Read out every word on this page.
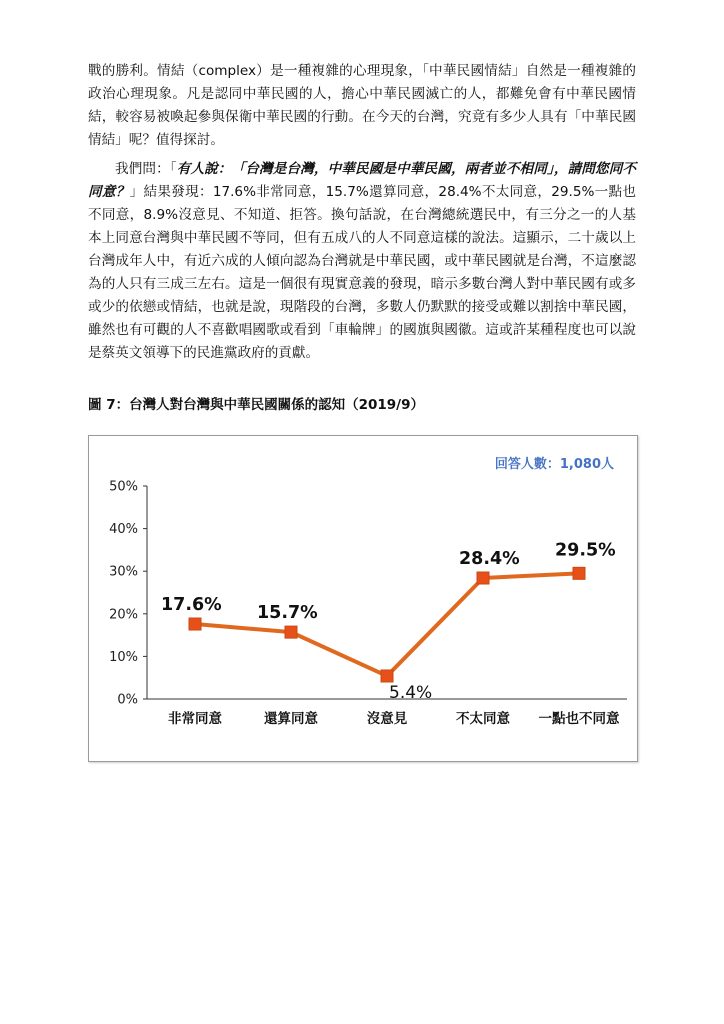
戰的勝利。情結（complex）是一種複雜的心理現象，「中華民國情結」自然是一種複雜的政治心理現象。凡是認同中華民國的人，擔心中華民國滅亡的人，都難免會有中華民國情結，較容易被喚起參與保衛中華民國的行動。在今天的台灣，究竟有多少人具有「中華民國情結」呢？值得探討。

我們問：「有人說：「台灣是台灣，中華民國是中華民國，兩者並不相同」，請問您同不同意？」結果發現：17.6%非常同意，15.7%還算同意，28.4%不太同意，29.5%一點也不同意，8.9%沒意見、不知道、拒答。換句話說，在台灣總統選民中，有三分之一的人基本上同意台灣與中華民國不等同，但有五成八的人不同意這樣的說法。這顯示，二十歲以上台灣成年人中，有近六成的人傾向認為台灣就是中華民國，或中華民國就是台灣，不這麼認為的人只有三成三左右。這是一個很有現實意義的發現，暗示多數台灣人對中華民國有或多或少的依戀或情結，也就是說，現階段的台灣，多數人仍默默的接受或難以割捨中華民國，雖然也有可觀的人不喜歡唱國歌或看到「車輪牌」的國旗與國徽。這或許某種程度也可以說是蔡英文領導下的民進黨政府的貢獻。

圖 7：台灣人對台灣與中華民國關係的認知（2019/9）

0%
10%
20%
30%
40%
50%
非常同意	還算同意	沒意見	不太同意 一點也不同意
17.6% 15.7%
5.4%
28.4% 29.5%
回答人數：1,080人
